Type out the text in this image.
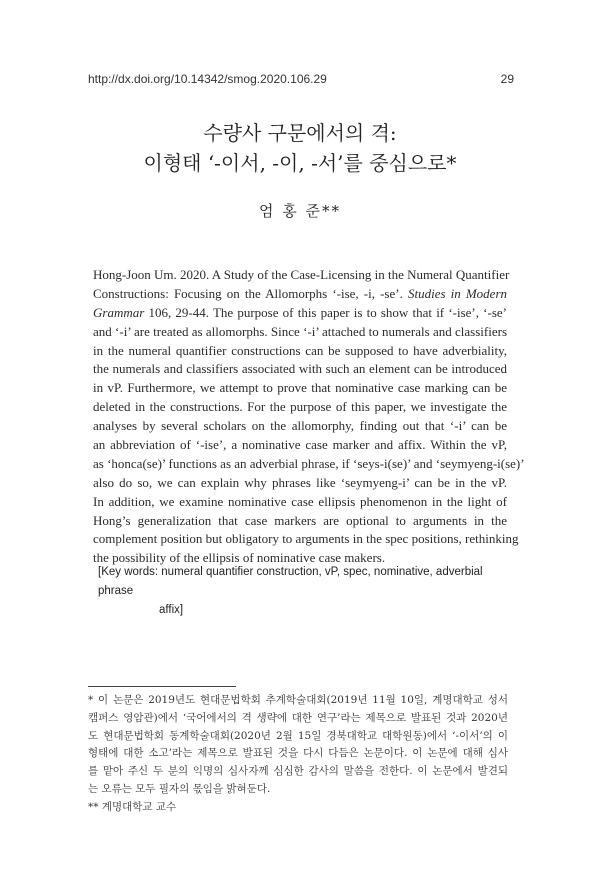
http://dx.doi.org/10.14342/smog.2020.106.29	29
수량사 구문에서의 격:
이형태 ‘-이서, -이, -서’를 중심으로*
엄 홍 준**
Hong-Joon Um. 2020. A Study of the Case-Licensing in the Numeral Quantifier
Constructions: Focusing on the Allomorphs ‘-ise, -i, -se’. Studies in Modern
Grammar 106, 29-44. The purpose of this paper is to show that if ‘-ise’, ‘-se’
and ‘-i’ are treated as allomorphs. Since ‘-i’ attached to numerals and classifiers
in the numeral quantifier constructions can be supposed to have adverbiality,
the numerals and classifiers associated with such an element can be introduced
in vP. Furthermore, we attempt to prove that nominative case marking can be
deleted in the constructions. For the purpose of this paper, we investigate the
analyses by several scholars on the allomorphy, finding out that ‘-i’ can be
an abbreviation of ‘-ise’, a nominative case marker and affix. Within the vP,
as ‘honca(se)’ functions as an adverbial phrase, if ‘seys-i(se)’ and ‘seymyeng-i(se)’
also do so, we can explain why phrases like ‘seymyeng-i’ can be in the vP.
In addition, we examine nominative case ellipsis phenomenon in the light of
Hong’s generalization that case markers are optional to arguments in the
complement position but obligatory to arguments in the spec positions, rethinking
the possibility of the ellipsis of nominative case makers.
[Key words: numeral quantifier construction, vP, spec, nominative, adverbial phrase
affix]
* 이 논문은 2019년도 현대문법학회 추계학술대회(2019년 11월 10일, 계명대학교 성서
캠퍼스 영암관)에서 ‘국어에서의 격 생략에 대한 연구’라는 제목으로 발표된 것과 2020년
도 현대문법학회 동계학술대회(2020년 2월 15일 경북대학교 대학원동)에서 ‘-이서’의 이
형태에 대한 소고’라는 제목으로 발표된 것을 다시 다듬은 논문이다. 이 논문에 대해 심사
를 맡아 주신 두 분의 익명의 심사자께 심심한 감사의 말씀을 전한다. 이 논문에서 발견되
는 오류는 모두 필자의 몫임을 밝혀둔다.
** 계명대학교 교수
